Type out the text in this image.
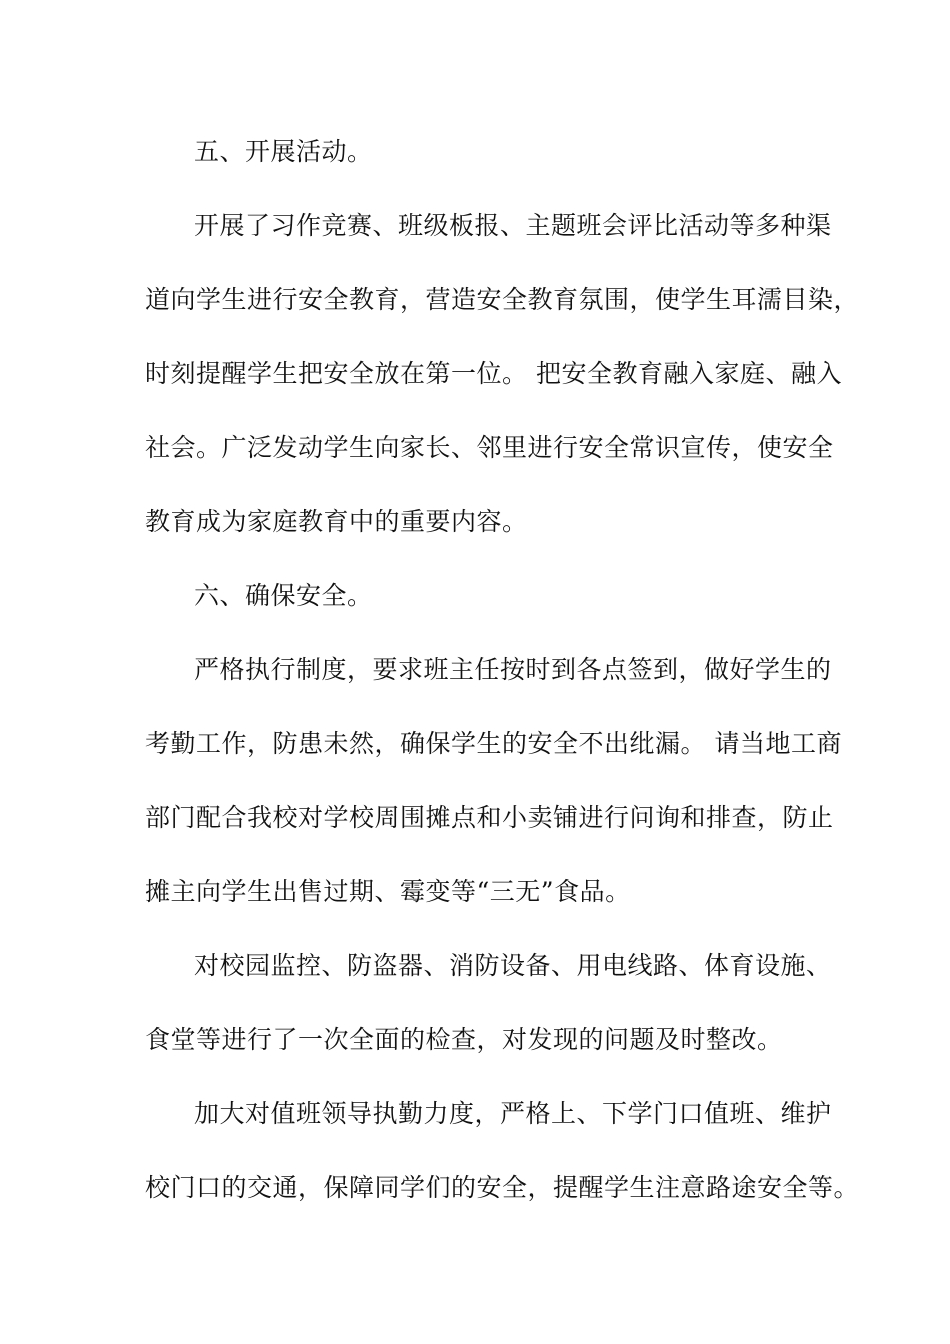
五、开展活动。
开展了习作竞赛、班级板报、主题班会评比活动等多种渠
道向学生进行安全教育，营造安全教育氛围，使学生耳濡目染，
时刻提醒学生把安全放在第一位。 把安全教育融入家庭、融入
社会。广泛发动学生向家长、邻里进行安全常识宣传，使安全
教育成为家庭教育中的重要内容。
六、确保安全。
严格执行制度，要求班主任按时到各点签到，做好学生的
考勤工作，防患未然，确保学生的安全不出纰漏。 请当地工商
部门配合我校对学校周围摊点和小卖铺进行问询和排查，防止
摊主向学生出售过期、霉变等“三无”食品。
对校园监控、防盗器、消防设备、用电线路、体育设施、
食堂等进行了一次全面的检查，对发现的问题及时整改。
加大对值班领导执勤力度，严格上、下学门口值班、维护
校门口的交通，保障同学们的安全，提醒学生注意路途安全等。
